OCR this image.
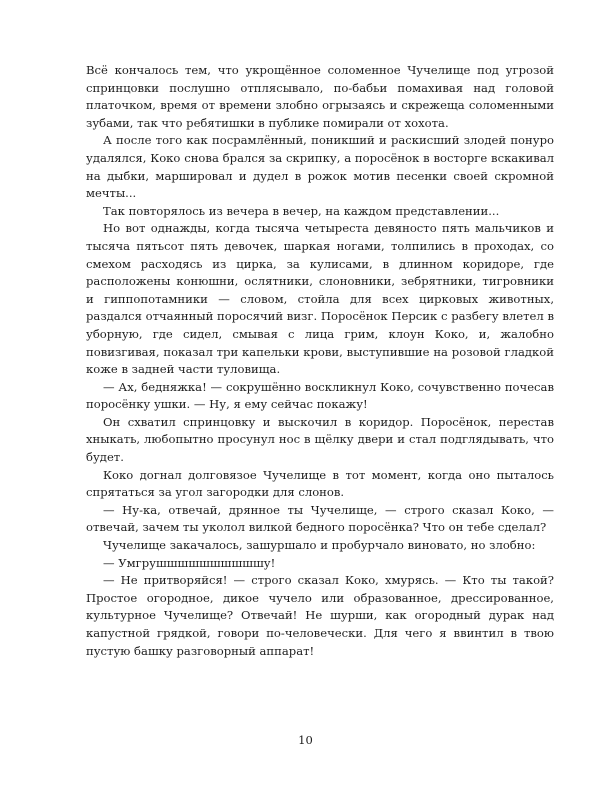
Всё кончалось тем, что укрощённое соломенное Чучелище под угрозой спринцовки послушно отплясывало, по-бабьи помахивая над головой платочком, время от времени злобно огрызаясь и скрежеща соломенными зубами, так что ребятишки в публике помирали от хохота.

А после того как посрамлённый, поникший и раскисший злодей понуро удалялся, Коко снова брался за скрипку, а поросёнок в восторге вскакивал на дыбки, маршировал и дудел в рожок мотив песенки своей скромной мечты...

Так повторялось из вечера в вечер, на каждом представлении...

Но вот однажды, когда тысяча четыреста девяносто пять мальчиков и тысяча пятьсот пять девочек, шаркая ногами, толпились в проходах, со смехом расходясь из цирка, за кулисами, в длинном коридоре, где расположены конюшни, ослятники, слоновники, зебрятники, тигровники и гиппопотамники — словом, стойла для всех цирковых животных, раздался отчаянный поросячий визг. Поросёнок Персик с разбегу влетел в уборную, где сидел, смывая с лица грим, клоун Коко, и, жалобно повизгивая, показал три капельки крови, выступившие на розовой гладкой коже в задней части туловища.

— Ах, бедняжка! — сокрушённо воскликнул Коко, сочувственно почесав поросёнку ушки. — Ну, я ему сейчас покажу!

Он схватил спринцовку и выскочил в коридор. Поросёнок, перестав хныкать, любопытно просунул нос в щёлку двери и стал подглядывать, что будет.

Коко догнал долговязое Чучелище в тот момент, когда оно пыталось спрятаться за угол загородки для слонов.

— Ну-ка, отвечай, дрянное ты Чучелище, — строго сказал Коко, — отвечай, зачем ты уколол вилкой бедного поросёнка? Что он тебе сделал?

Чучелище закачалось, зашуршало и пробурчало виновато, но злобно:

— Умгрушшшшшшшшшшу!

— Не притворяйся! — строго сказал Коко, хмурясь. — Кто ты такой? Простое огородное, дикое чучело или образованное, дрессированное, культурное Чучелище? Отвечай! Не шурши, как огородный дурак над капустной грядкой, говори по-человечески. Для чего я ввинтил в твою пустую башку разговорный аппарат!

10
